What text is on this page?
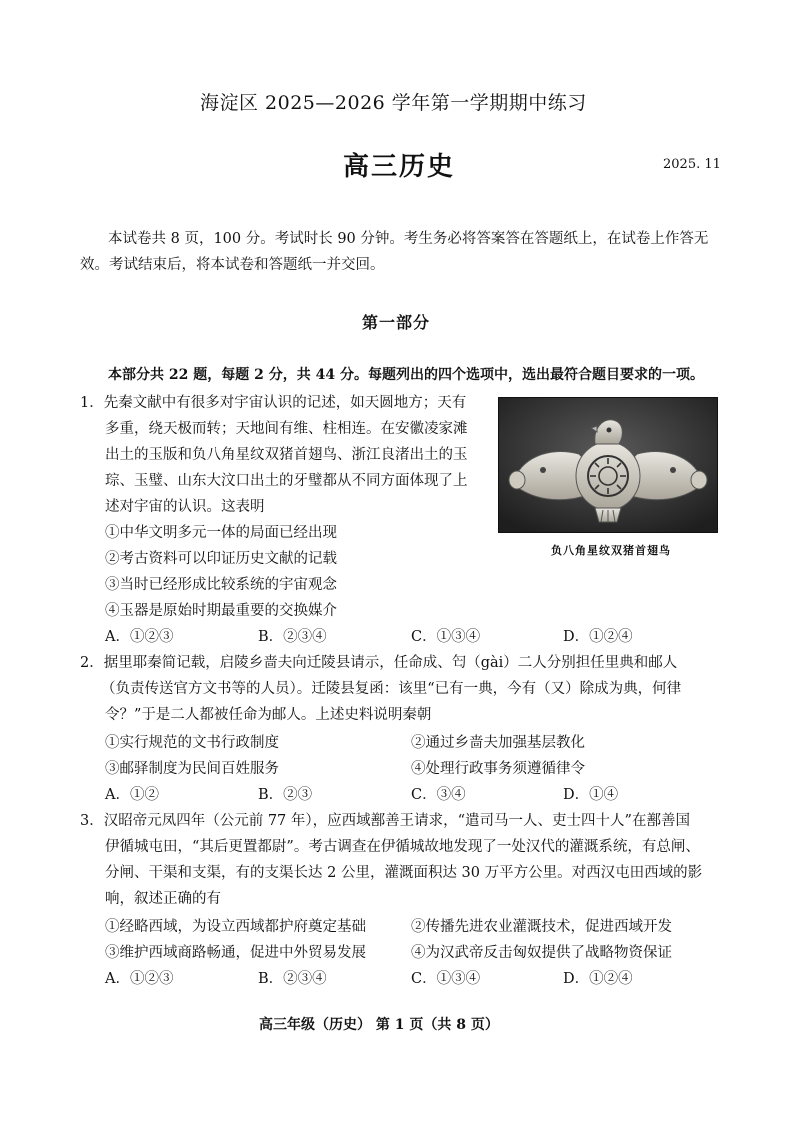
海淀区 2025—2026 学年第一学期期中练习
高三历史	2025. 11
本试卷共 8 页，100 分。考试时长 90 分钟。考生务必将答案答在答题纸上，在试卷上作答无
效。考试结束后，将本试卷和答题纸一并交回。
第一部分
本部分共 22 题，每题 2 分，共 44 分。每题列出的四个选项中，选出最符合题目要求的一项。
1．先秦文献中有很多对宇宙认识的记述，如天圆地方；天有
多重，绕天极而转；天地间有维、柱相连。在安徽凌家滩
出土的玉版和负八角星纹双猪首翅鸟、浙江良渚出土的玉
琮、玉璧、山东大汶口出土的牙璧都从不同方面体现了上
述对宇宙的认识。这表明
①中华文明多元一体的局面已经出现
②考古资料可以印证历史文献的记载
③当时已经形成比较系统的宇宙观念
④玉器是原始时期最重要的交换媒介
A．①②③	B．②③④	C．①③④	D．①②④
负八角星纹双猪首翅鸟
2．据里耶秦简记载，启陵乡啬夫向迁陵县请示，任命成、匄（gài）二人分别担任里典和邮人
（负责传送官方文书等的人员）。迁陵县复函：该里“已有一典，今有（又）除成为典，何律
令？”于是二人都被任命为邮人。上述史料说明秦朝
①实行规范的文书行政制度	②通过乡啬夫加强基层教化
③邮驿制度为民间百姓服务	④处理行政事务须遵循律令
A．①②	B．②③	C．③④	D．①④
3．汉昭帝元凤四年（公元前 77 年），应西域鄯善王请求，“遣司马一人、吏士四十人”在鄯善国
伊循城屯田，“其后更置都尉”。考古调查在伊循城故地发现了一处汉代的灌溉系统，有总闸、
分闸、干渠和支渠，有的支渠长达 2 公里，灌溉面积达 30 万平方公里。对西汉屯田西域的影
响，叙述正确的有
①经略西域，为设立西域都护府奠定基础	②传播先进农业灌溉技术，促进西域开发
③维护西域商路畅通，促进中外贸易发展	④为汉武帝反击匈奴提供了战略物资保证
A．①②③	B．②③④	C．①③④	D．①②④
高三年级（历史） 第 1 页（共 8 页）
